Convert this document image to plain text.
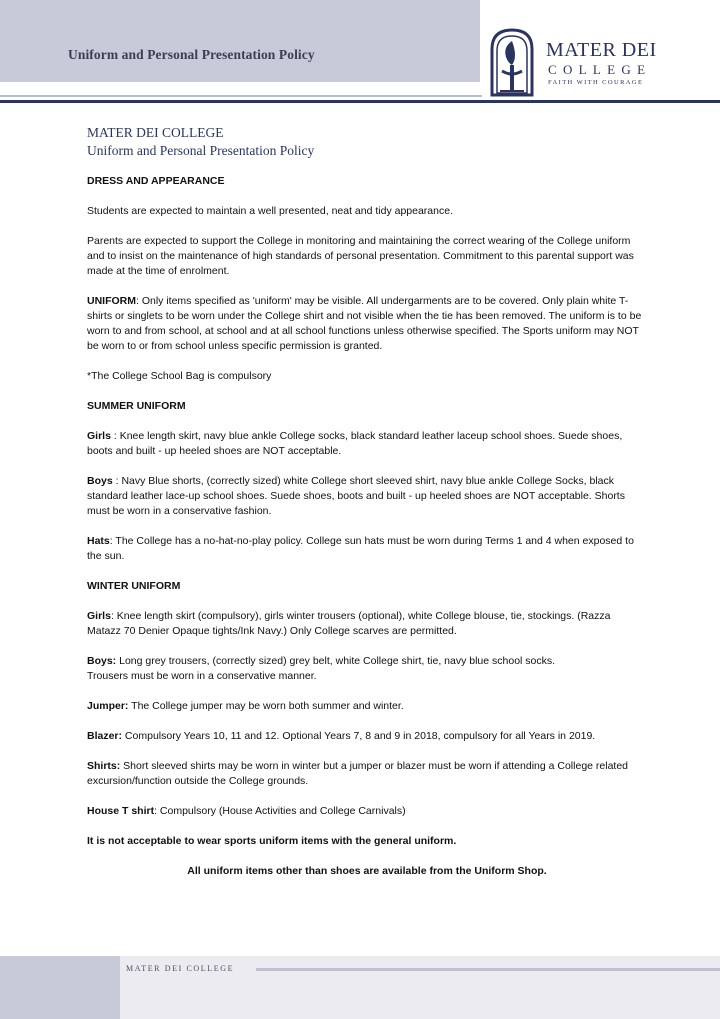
Uniform and Personal Presentation Policy	MATER DEI
COLLEGE
FAITH WITH COURAGE
MATER DEI COLLEGE
Uniform and Personal Presentation Policy
DRESS AND APPEARANCE

Students are expected to maintain a well presented, neat and tidy appearance.

Parents are expected to support the College in monitoring and maintaining the correct wearing of the College uniform and to insist on the maintenance of high standards of personal presentation. Commitment to this parental support was made at the time of enrolment.

UNIFORM: Only items specified as 'uniform' may be visible. All undergarments are to be covered. Only plain white T-shirts or singlets to be worn under the College shirt and not visible when the tie has been removed. The uniform is to be worn to and from school, at school and at all school functions unless otherwise specified. The Sports uniform may NOT be worn to or from school unless specific permission is granted.

*The College School Bag is compulsory

SUMMER UNIFORM

Girls : Knee length skirt, navy blue ankle College socks, black standard leather laceup school shoes. Suede shoes, boots and built - up heeled shoes are NOT acceptable.

Boys : Navy Blue shorts, (correctly sized) white College short sleeved shirt, navy blue ankle College Socks, black standard leather lace-up school shoes. Suede shoes, boots and built - up heeled shoes are NOT acceptable. Shorts must be worn in a conservative fashion.

Hats: The College has a no-hat-no-play policy. College sun hats must be worn during Terms 1 and 4 when exposed to the sun.

WINTER UNIFORM

Girls: Knee length skirt (compulsory), girls winter trousers (optional), white College blouse, tie, stockings. (Razza Matazz 70 Denier Opaque tights/Ink Navy.) Only College scarves are permitted.

Boys: Long grey trousers, (correctly sized) grey belt, white College shirt, tie, navy blue school socks.
Trousers must be worn in a conservative manner.

Jumper: The College jumper may be worn both summer and winter.

Blazer: Compulsory Years 10, 11 and 12. Optional Years 7, 8 and 9 in 2018, compulsory for all Years in 2019.

Shirts: Short sleeved shirts may be worn in winter but a jumper or blazer must be worn if attending a College related excursion/function outside the College grounds.

House T shirt: Compulsory (House Activities and College Carnivals)

It is not acceptable to wear sports uniform items with the general uniform.

All uniform items other than shoes are available from the Uniform Shop.

MATER DEI COLLEGE
